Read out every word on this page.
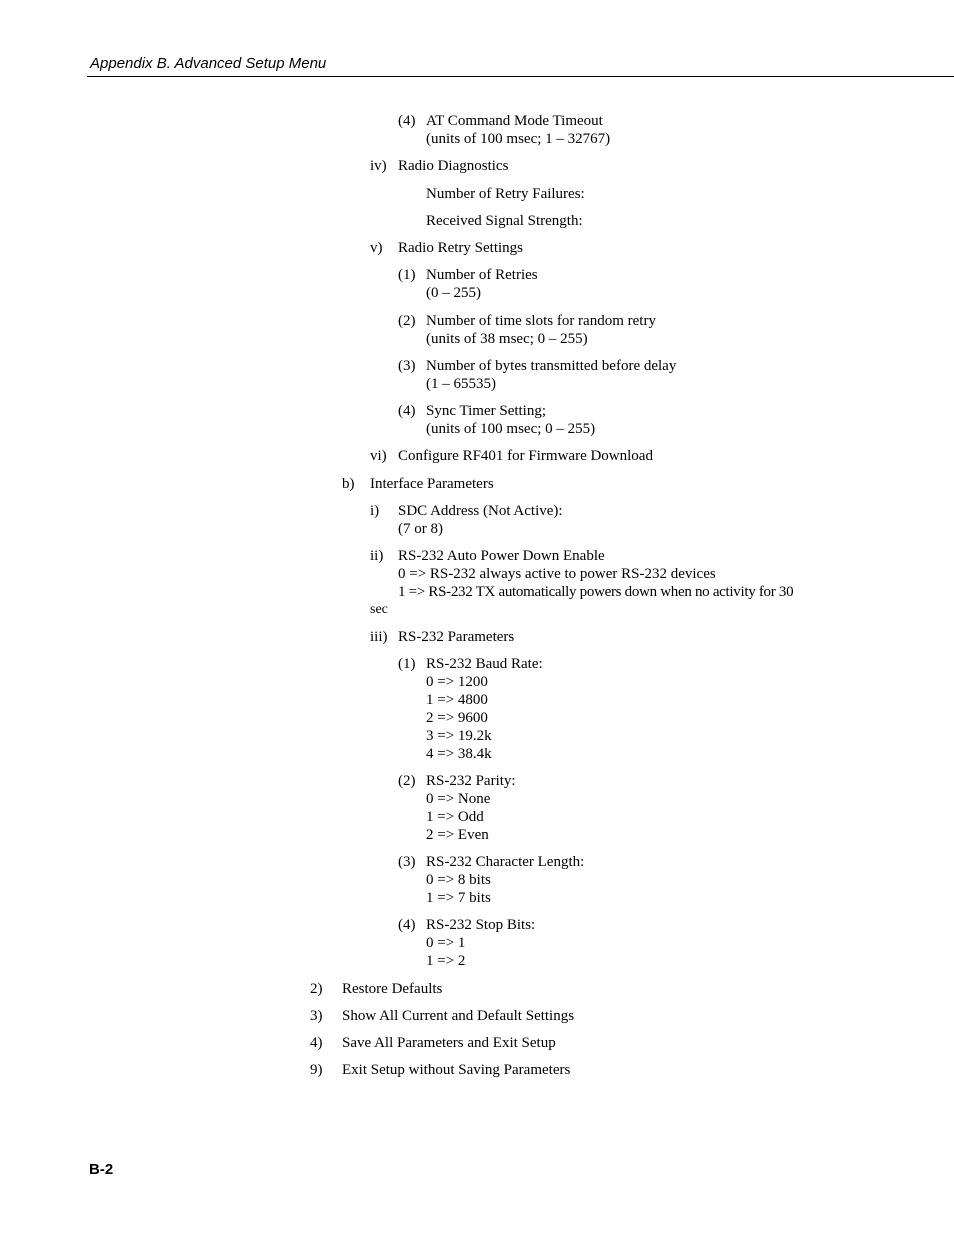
Appendix B. Advanced Setup Menu
(4) AT Command Mode Timeout
(units of 100 msec; 1 – 32767)
iv) Radio Diagnostics
Number of Retry Failures:
Received Signal Strength:
v) Radio Retry Settings
(1) Number of Retries
(0 – 255)
(2) Number of time slots for random retry
(units of 38 msec; 0 – 255)
(3) Number of bytes transmitted before delay
(1 – 65535)
(4) Sync Timer Setting;
(units of 100 msec; 0 – 255)
vi) Configure RF401 for Firmware Download
b) Interface Parameters
i) SDC Address (Not Active):
(7 or 8)
ii) RS-232 Auto Power Down Enable
0 => RS-232 always active to power RS-232 devices
1 => RS-232 TX automatically powers down when no activity for 30
sec
iii) RS-232 Parameters
(1) RS-232 Baud Rate:
0 => 1200
1 => 4800
2 => 9600
3 => 19.2k
4 => 38.4k
(2) RS-232 Parity:
0 => None
1 => Odd
2 => Even
(3) RS-232 Character Length:
0 => 8 bits
1 => 7 bits
(4) RS-232 Stop Bits:
0 => 1
1 => 2
2) Restore Defaults
3) Show All Current and Default Settings
4) Save All Parameters and Exit Setup
9) Exit Setup without Saving Parameters
B-2
